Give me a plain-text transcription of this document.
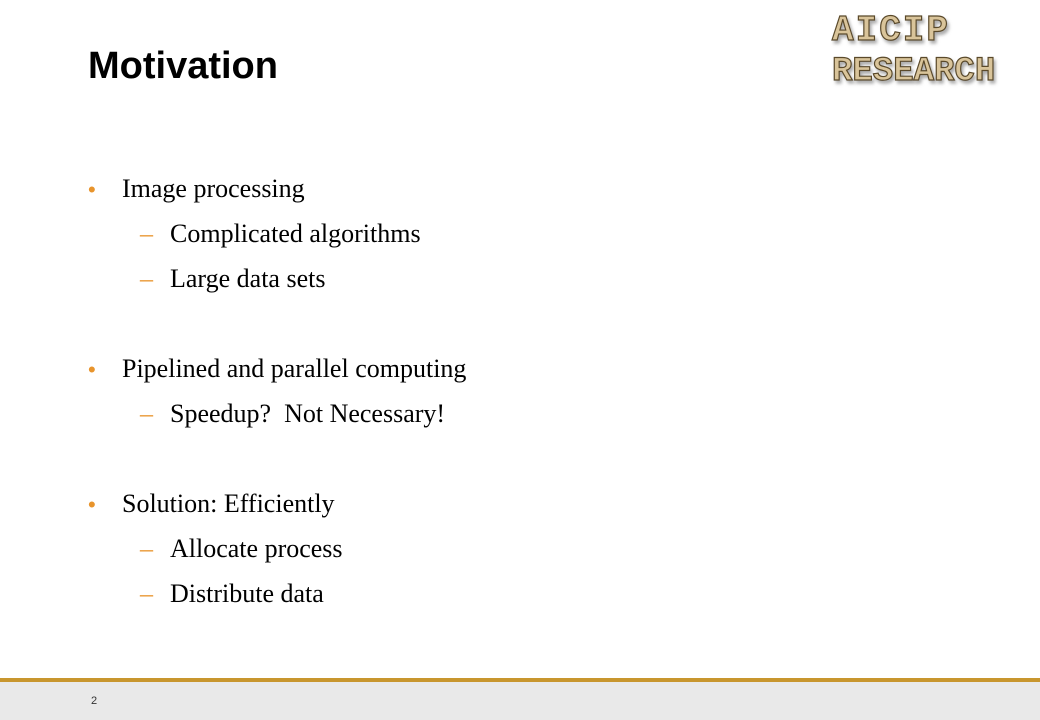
Motivation
AICIP
RESEARCH
•	Image processing
– Complicated algorithms
– Large data sets
•	Pipelined and parallel computing
– Speedup?  Not Necessary!
•	Solution: Efficiently
– Allocate process
– Distribute data
2
